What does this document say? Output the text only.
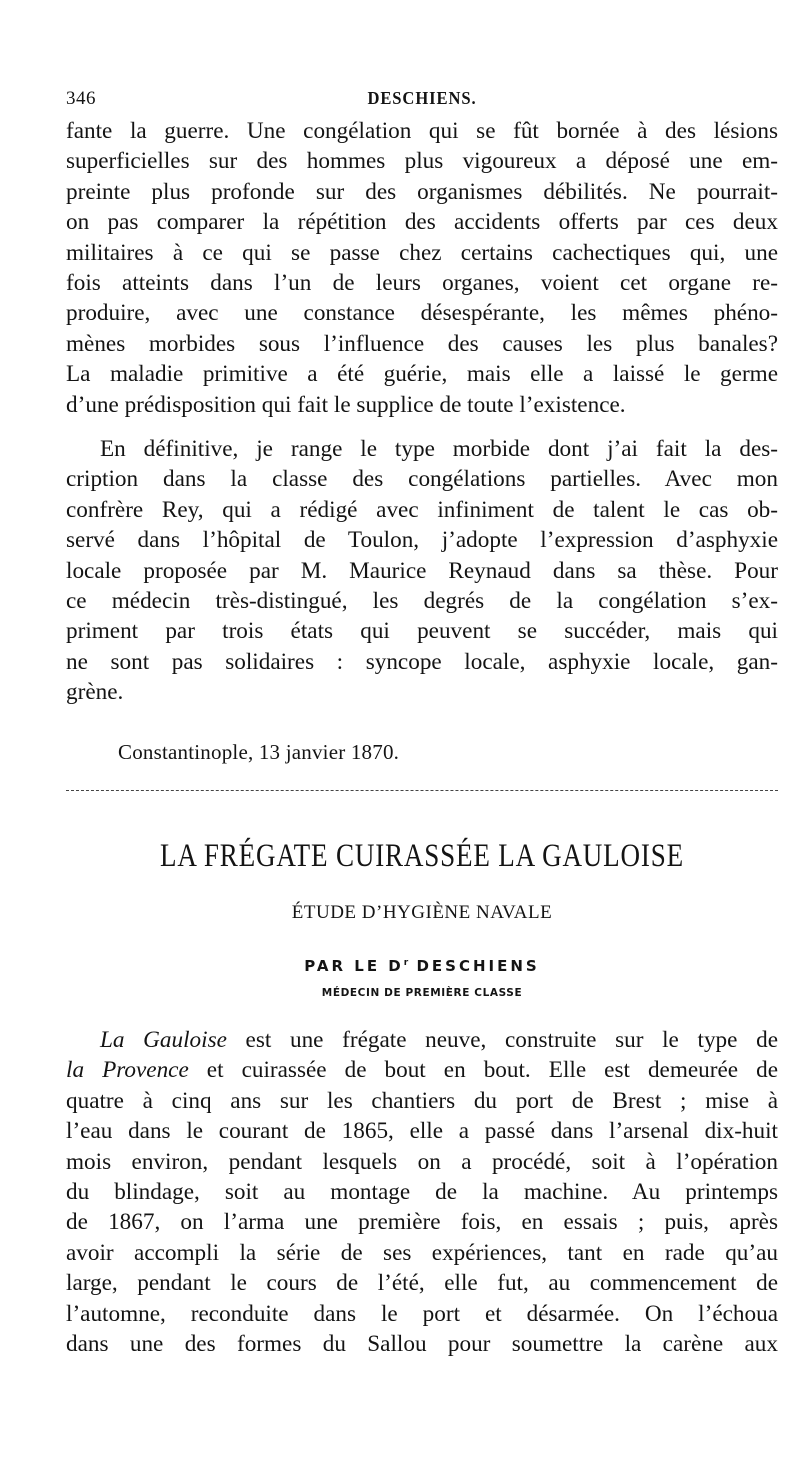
346	DESCHIENS.

fante la guerre. Une congélation qui se fût bornée à des lésions

superficielles sur des hommes plus vigoureux a déposé une em-

preinte plus profonde sur des organismes débilités. Ne pourrait-

on pas comparer la répétition des accidents offerts par ces deux

militaires à ce qui se passe chez certains cachectiques qui, une

fois atteints dans l’un de leurs organes, voient cet organe re-

produire, avec une constance désespérante, les mêmes phéno-

mènes morbides sous l’influence des causes les plus banales?

La maladie primitive a été guérie, mais elle a laissé le germe

d’une prédisposition qui fait le supplice de toute l’existence.

En définitive, je range le type morbide dont j’ai fait la des-

cription dans la classe des congélations partielles. Avec mon

confrère Rey, qui a rédigé avec infiniment de talent le cas ob-

servé dans l’hôpital de Toulon, j’adopte l’expression d’asphyxie

locale proposée par M. Maurice Reynaud dans sa thèse. Pour

ce médecin très-distingué, les degrés de la congélation s’ex-

priment par trois états qui peuvent se succéder, mais qui

ne sont pas solidaires : syncope locale, asphyxie locale, gan-

grène.

Constantinople, 13 janvier 1870.
LA FRÉGATE CUIRASSÉE LA GAULOISE
ÉTUDE D’HYGIÈNE NAVALE
PAR LE $D^r$ DESCHIENS
MÉDECIN DE PREMIÈRE CLASSE

La Gauloise est une frégate neuve, construite sur le type de

la Provence et cuirassée de bout en bout. Elle est demeurée de

quatre à cinq ans sur les chantiers du port de Brest ; mise à

l’eau dans le courant de 1865, elle a passé dans l’arsenal dix-huit

mois environ, pendant lesquels on a procédé, soit à l’opération

du blindage, soit au montage de la machine. Au printemps

de 1867, on l’arma une première fois, en essais ; puis, après

avoir accompli la série de ses expériences, tant en rade qu’au

large, pendant le cours de l’été, elle fut, au commencement de

l’automne, reconduite dans le port et désarmée. On l’échoua

dans une des formes du Sallou pour soumettre la carène aux
